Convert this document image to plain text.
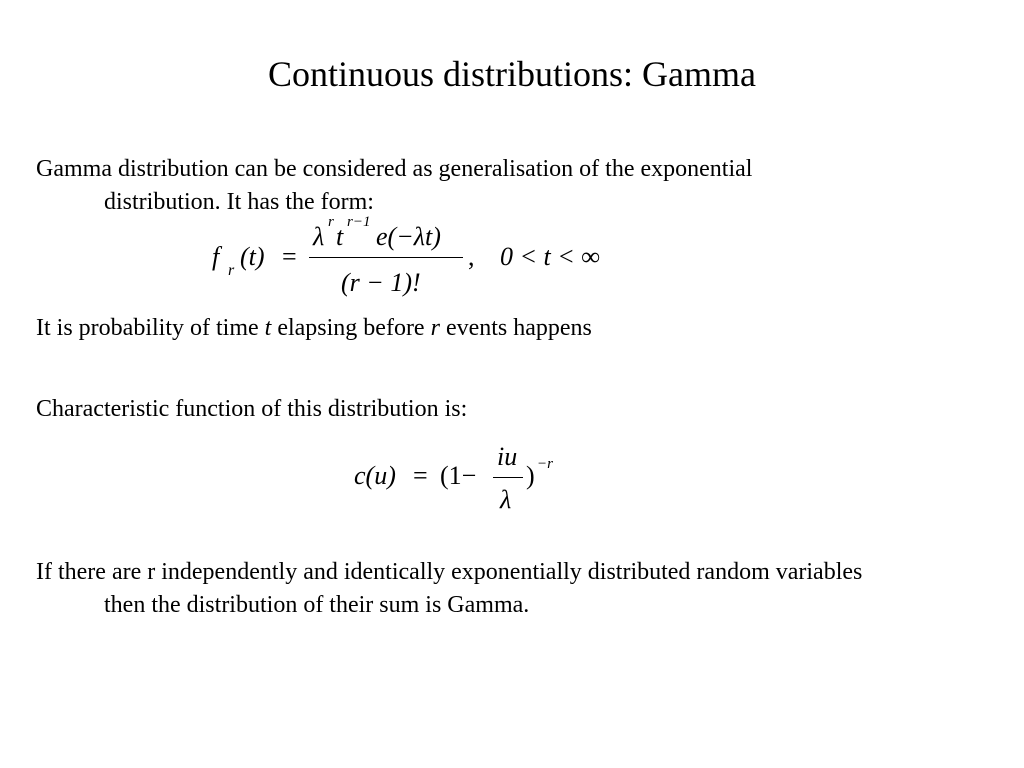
Continuous distributions: Gamma
Gamma distribution can be considered as generalisation of the exponential
distribution. It has the form:
f r (t) =
λ r t r−1 e(−λt)
(r − 1)!
, 0 < t < ∞
It is probability of time t elapsing before r events happens
Characteristic function of this distribution is:
c(u) = (1−
iu
λ
) −r
If there are r independently and identically exponentially distributed random variables
then the distribution of their sum is Gamma.
